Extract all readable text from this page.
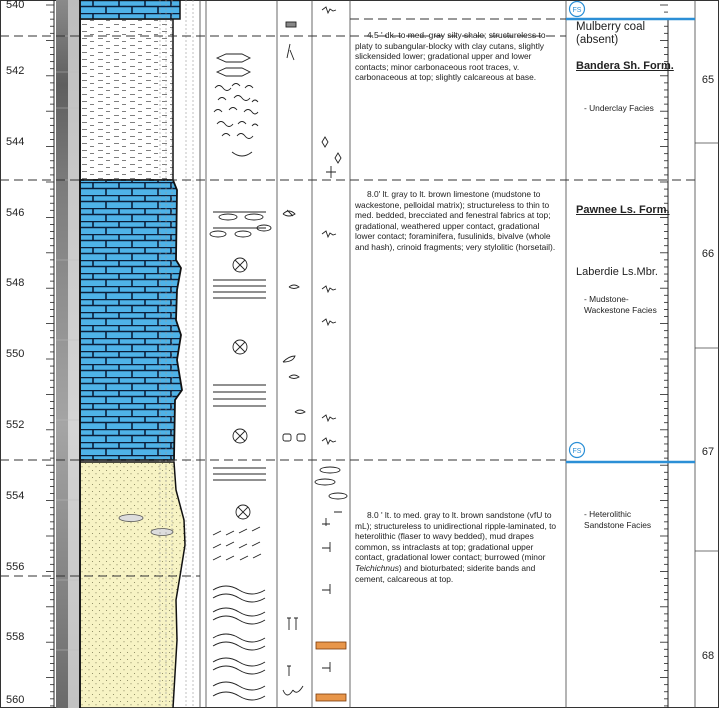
FS
FS
540
542
544
546
548
550
552
554
556
558
560
65
66
67
68
4.5 ' dk. to med. gray silty shale; structureless to platy to subangular-blocky with clay cutans, slightly slickensided lower; gradational upper and lower contacts; minor carbonaceous root traces, v. carbonaceous at top; slightly calcareous at base.
8.0' lt. gray to lt. brown limestone (mudstone to wackestone, pelloidal matrix); structureless to thin to med. bedded, brecciated and fenestral fabrics at top; gradational, weathered upper contact, gradational lower contact; foraminifera, fusulinids, bivalve (whole and hash), crinoid fragments; very stylolitic (horsetail).
8.0 ' lt. to med. gray to lt. brown sandstone (vfU to mL); structureless to unidirectional ripple-laminated, to heterolithic (flaser to wavy bedded), mud drapes common, ss intraclasts at top; gradational upper contact, gradational lower contact; burrowed (minor Teichichnus) and bioturbated; siderite bands and cement, calcareous at top.
Mulberry coal (absent)
Bandera Sh. Form.
- Underclay Facies
Pawnee Ls. Form.
Laberdie Ls.Mbr.
- Mudstone-Wackestone Facies
- Heterolithic Sandstone Facies
